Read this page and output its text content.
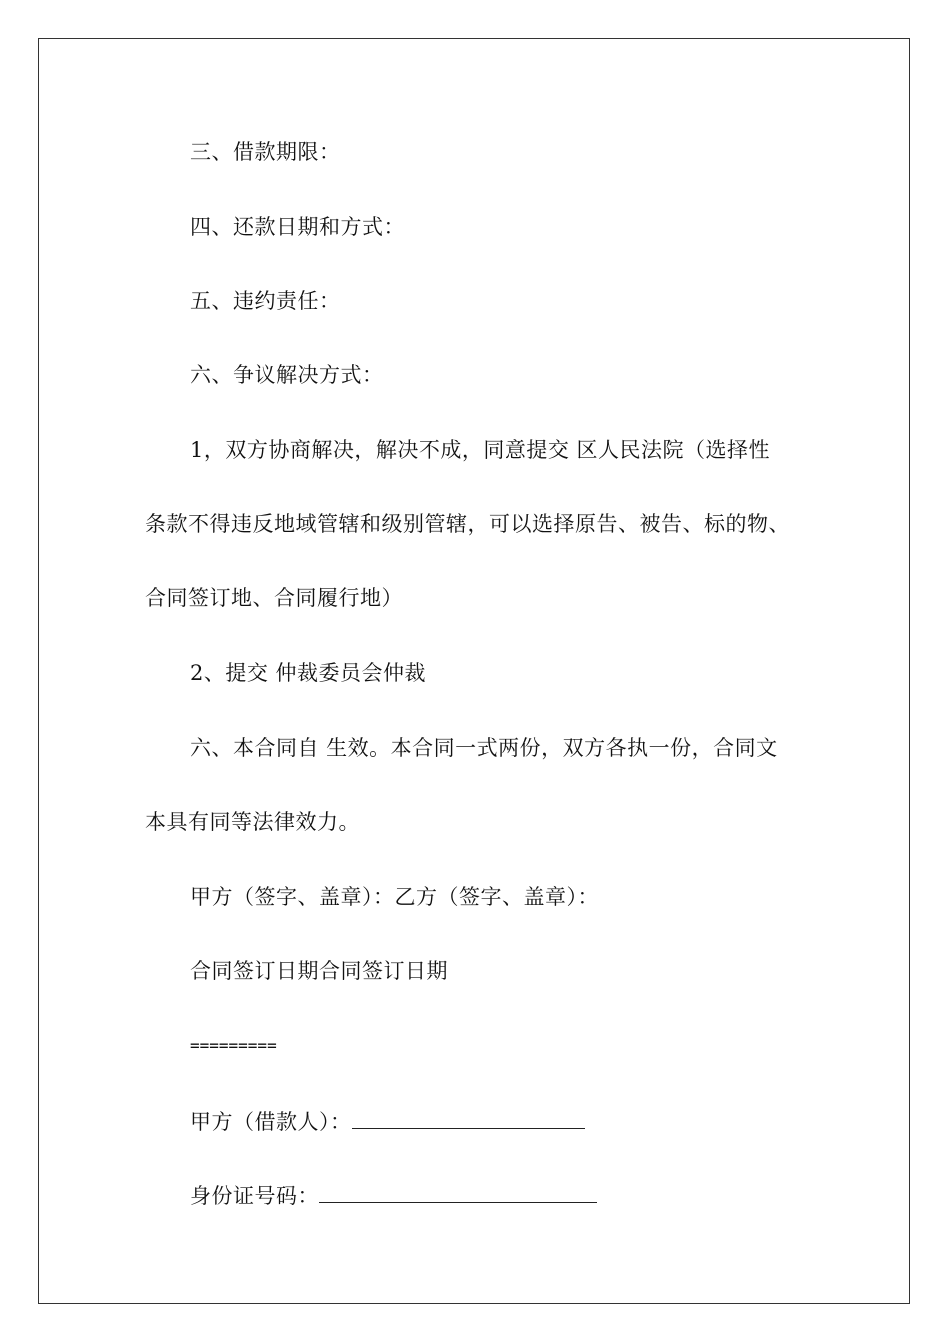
三、借款期限：
四、还款日期和方式：
五、违约责任：
六、争议解决方式：
1，双方协商解决，解决不成，同意提交 区人民法院（选择性
条款不得违反地域管辖和级别管辖，可以选择原告、被告、标的物、
合同签订地、合同履行地）
2、提交 仲裁委员会仲裁
六、本合同自 生效。本合同一式两份，双方各执一份，合同文
本具有同等法律效力。
甲方（签字、盖章）：乙方（签字、盖章）：
合同签订日期合同签订日期
=========
甲方（借款人）：
身份证号码：
